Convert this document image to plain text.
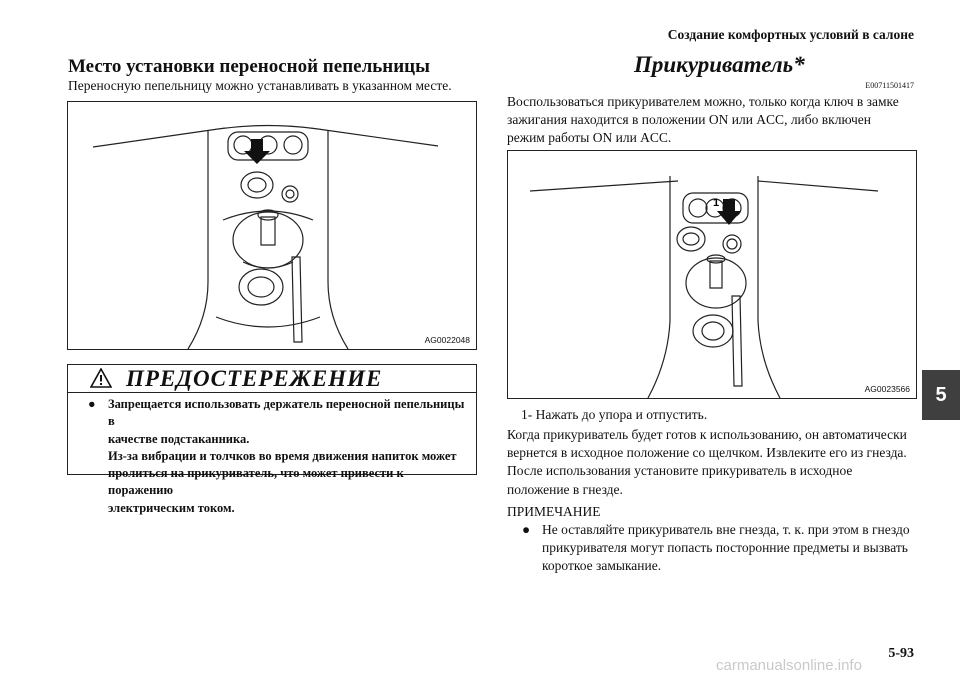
Создание комфортных условий в салоне
Место установки переносной пепельницы
Переносную пепельницу можно устанавливать в указанном месте.
AG0022048
ПРЕДОСТЕРЕЖЕНИЕ
● Запрещается использовать держатель переносной пепельницы в
качестве подстаканника.
Из-за вибрации и толчков во время движения напиток может
пролиться на прикуриватель, что может привести к поражению
электрическим током.
Прикуриватель*
E00711501417
Воспользоваться прикуривателем можно, только когда ключ в замке
зажигания находится в положении ON или ACC, либо включен
режим работы ON или ACC.
1
AG0023566
1- Нажать до упора и отпустить.
Когда прикуриватель будет готов к использованию, он автоматически
вернется в исходное положение со щелчком. Извлеките его из гнезда.
После использования установите прикуриватель в исходное
положение в гнезде.
ПРИМЕЧАНИЕ
● Не оставляйте прикуриватель вне гнезда, т. к. при этом в гнездо
прикуривателя могут попасть посторонние предметы и вызвать
короткое замыкание.
5
5-93
carmanualsonline.info
